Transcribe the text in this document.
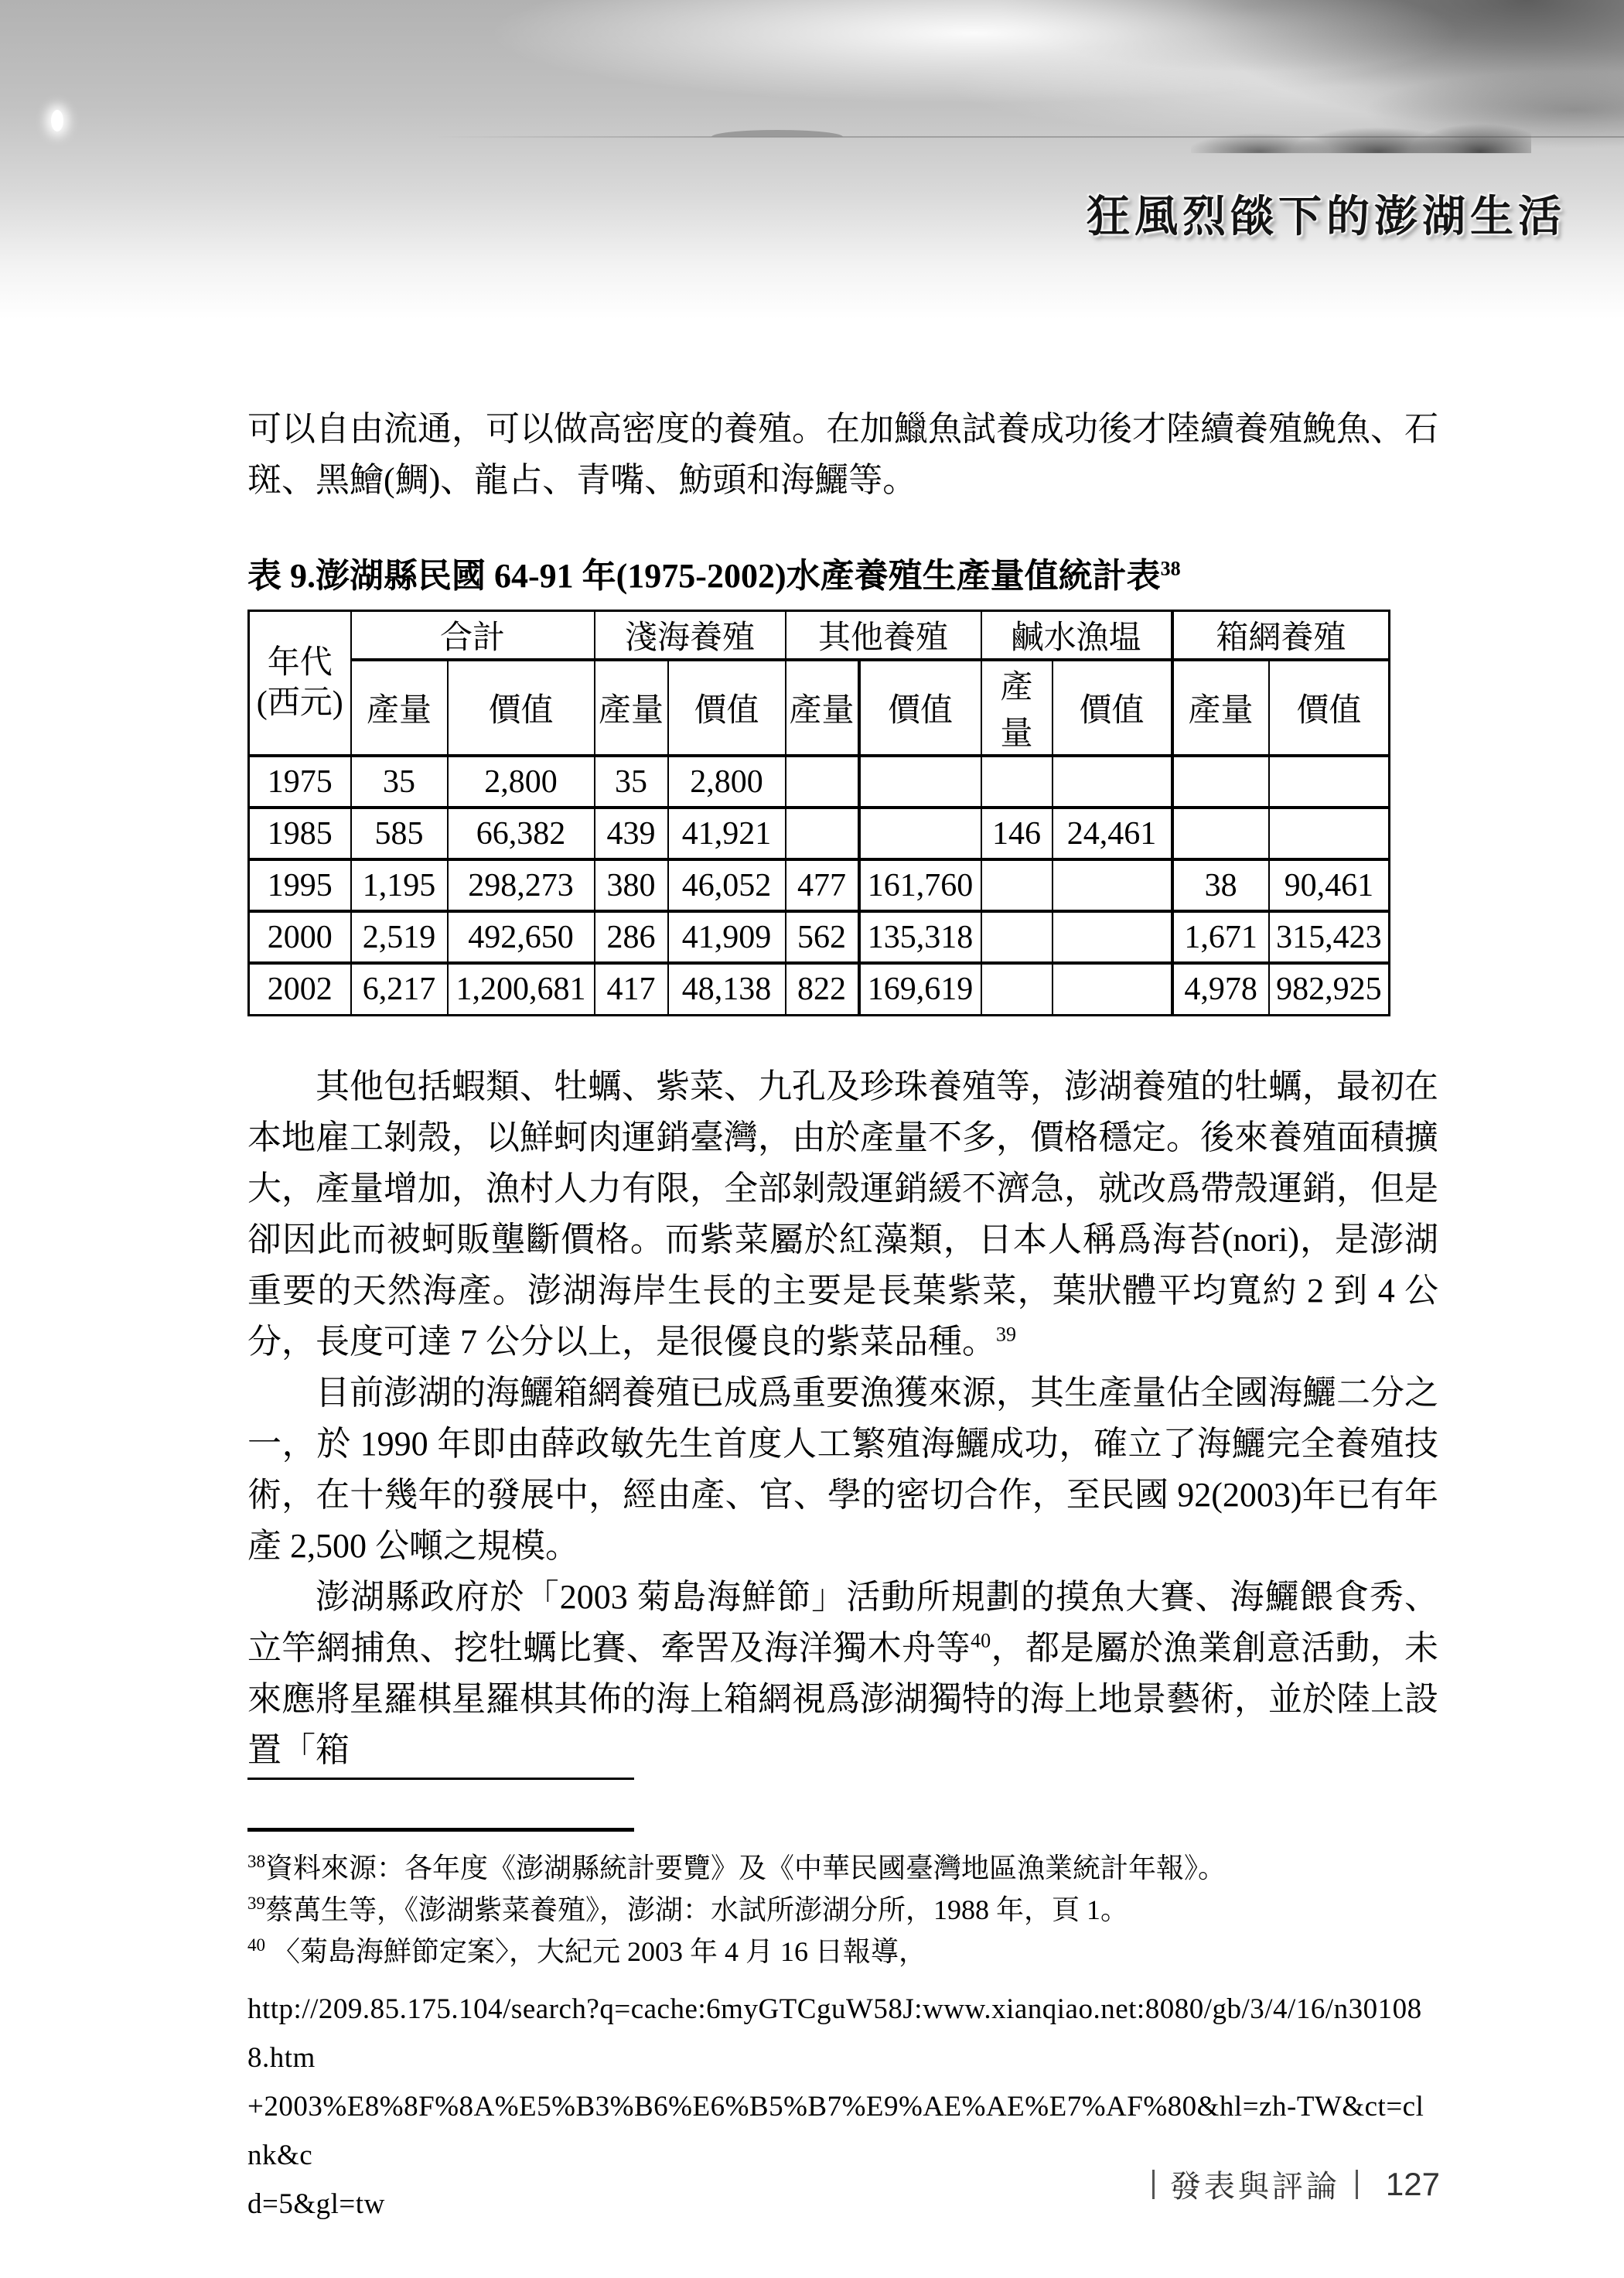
狂風烈燄下的澎湖生活

可以自由流通，可以做高密度的養殖。在加鱲魚試養成功後才陸續養殖鮸魚、石斑、黑鱠(鯛)、龍占、青嘴、魴頭和海鱺等。

表 9.澎湖縣民國 64-91 年(1975-2002)水產養殖生產量值統計表$^{38}$
年代
(西元)	合計		淺海養殖		其他養殖		鹹水漁塭		箱網養殖	
	產量	價值	產量	價值	產量	價值	產量	價值	產量	價值
1975	35	2,800	35	2,800						
1985	585	66,382	439	41,921			146	24,461		
1995	1,195	298,273	380	46,052	477	161,760			38	90,461
2000	2,519	492,650	286	41,909	562	135,318			1,671	315,423
2002	6,217	1,200,681	417	48,138	822	169,619			4,978	982,925

其他包括蝦類、牡蠣、紫菜、九孔及珍珠養殖等，澎湖養殖的牡蠣，最初在本地雇工剝殼，以鮮蚵肉運銷臺灣，由於產量不多，價格穩定。後來養殖面積擴大，產量增加，漁村人力有限，全部剝殼運銷緩不濟急，就改爲帶殼運銷，但是卻因此而被蚵販壟斷價格。而紫菜屬於紅藻類，日本人稱爲海苔(nori)，是澎湖重要的天然海產。澎湖海岸生長的主要是長葉紫菜，葉狀體平均寬約 2 到 4 公分，長度可達 7 公分以上，是很優良的紫菜品種。$^{39}$

目前澎湖的海鱺箱網養殖已成爲重要漁獲來源，其生產量佔全國海鱺二分之一，於 1990 年即由薛政敏先生首度人工繁殖海鱺成功，確立了海鱺完全養殖技術，在十幾年的發展中，經由產、官、學的密切合作，至民國 92(2003)年已有年產 2,500 公噸之規模。

澎湖縣政府於「2003 菊島海鮮節」活動所規劃的摸魚大賽、海鱺餵食秀、立竿網捕魚、挖牡蠣比賽、牽罟及海洋獨木舟等$^{40}$，都是屬於漁業創意活動，未來應將星羅棋星羅棋其佈的海上箱網視爲澎湖獨特的海上地景藝術，並於陸上設置「箱

$^{38}$資料來源：各年度《澎湖縣統計要覽》及《中華民國臺灣地區漁業統計年報》。
$^{39}$蔡萬生等，《澎湖紫菜養殖》，澎湖：水試所澎湖分所，1988 年，頁 1。
$^{40}$ 〈菊島海鮮節定案〉，大紀元 2003 年 4 月 16 日報導，
http://209.85.175.104/search?q=cache:6myGTCguW58J:www.xianqiao.net:8080/gb/3/4/16/n301088.htm
+2003%E8%8F%8A%E5%B3%B6%E6%B5%B7%E9%AE%AE%E7%AF%80&hl=zh-TW&ct=clnk&c
d=5&gl=tw	發表與評論 127
